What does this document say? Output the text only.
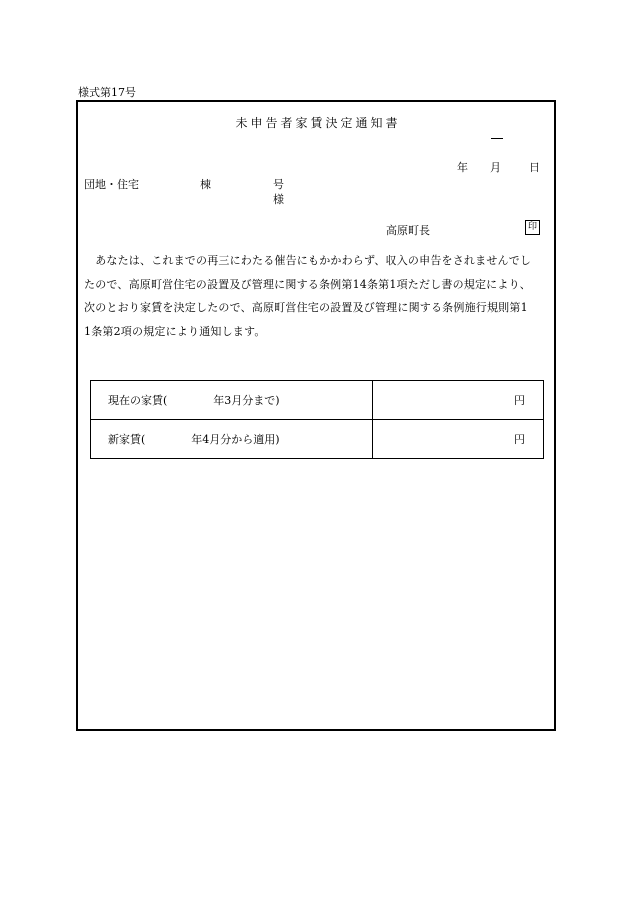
様式第17号
未申告者家賃決定通知書
年 月	日
団地・住宅	棟	号
様
高原町長	印

　あなたは、これまでの再三にわたる催告にもかかわらず、収入の申告をされませんでし

たので、高原町営住宅の設置及び管理に関する条例第14条第1項ただし書の規定により、

次のとおり家賃を決定したので、高原町営住宅の設置及び管理に関する条例施行規則第1

1条第2項の規定により通知します。

現在の家賃( 年3月分まで)	円
新家賃( 年4月分から適用)	円
